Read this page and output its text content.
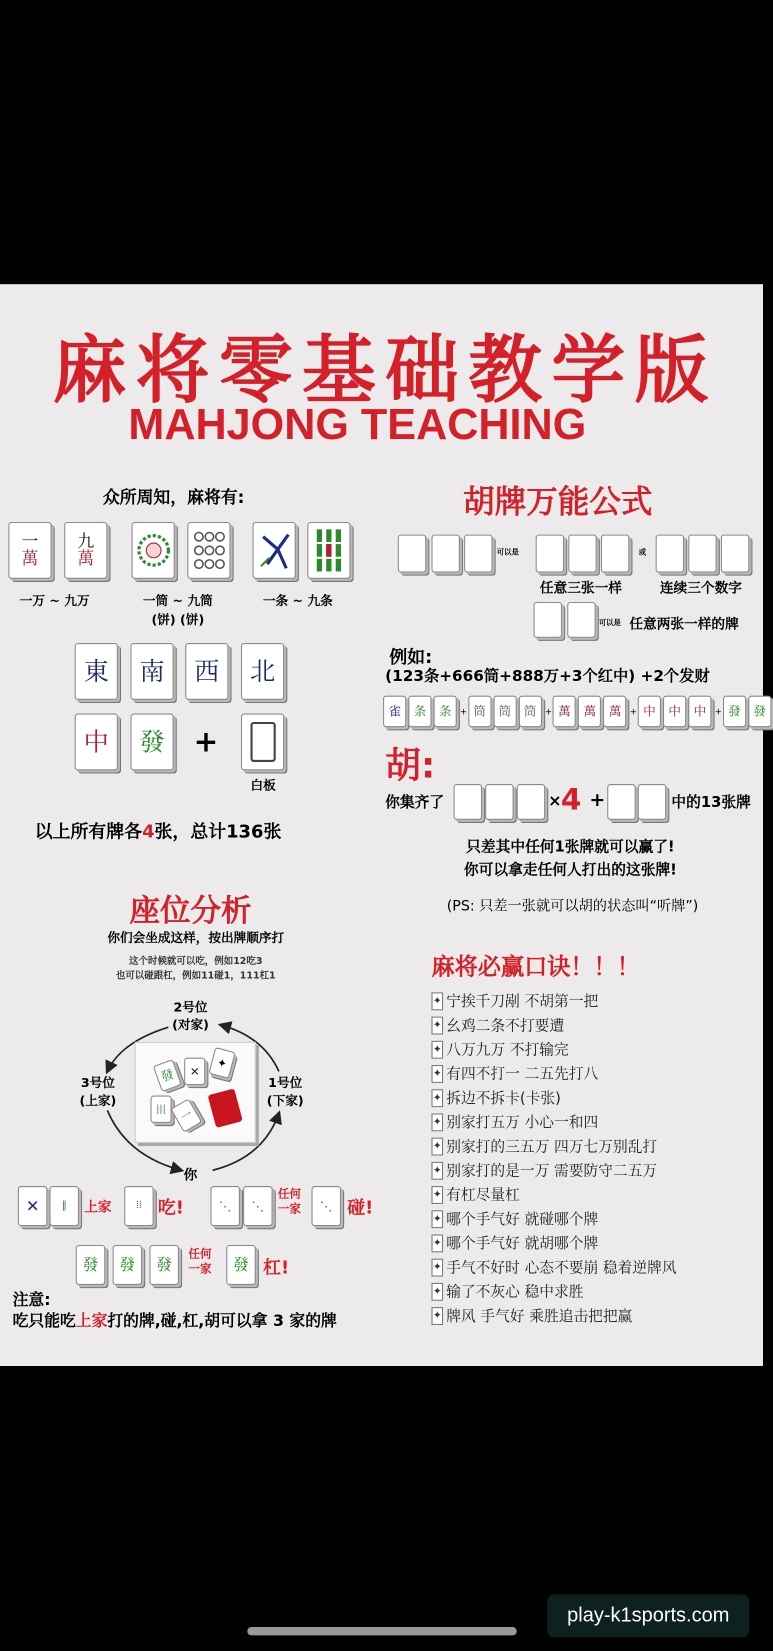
麻将零基础教学版
MAHJONG TEACHING
众所周知，麻将有:
一
萬
九
萬
一万 ~ 九万	一筒 ~ 九筒
(饼) (饼)
一条 ~ 九条
東	南	西	北
中	發	+
白板
以上所有牌各4张，总计136张
座位分析
你们会坐成这样，按出牌顺序打
这个时候就可以吃，例如12吃3
也可以碰跟杠，例如11碰1，111杠1
2号位
(对家)
3号位
(上家)
1号位
(下家)
你
發	✕
✦
|||	一
✕	‖	上家	⁞⁞ 吃!	⋱	⋱
任何
一家	⋱ 碰!
發	發	發
任何
一家	發 杠!
注意:
吃只能吃上家打的牌,碰,杠,胡可以拿 3 家的牌
胡牌万能公式
可以是	或
任意三张一样	连续三个数字
可以是 任意两张一样的牌
例如:
(123条+666筒+888万+3个红中) +2个发财
雀	条	条	+ 筒	筒	筒	+ 萬	萬	萬	+ 中	中	中	+ 發	發
胡:
你集齐了	× 4 +	中的13张牌
只差其中任何1张牌就可以赢了!
你可以拿走任何人打出的这张牌!
(PS: 只差一张就可以胡的状态叫“听牌”)
麻将必赢口诀！！！
✦ 宁挨千刀剐 不胡第一把
✦ 幺鸡二条不打要遭
✦ 八万九万 不打输完
✦ 有四不打一 二五先打八
✦ 拆边不拆卡(卡张)
✦ 别家打五万 小心一和四
✦ 别家打的三五万 四万七万别乱打
✦ 别家打的是一万 需要防守二五万
✦ 有杠尽量杠
✦ 哪个手气好 就碰哪个牌
✦ 哪个手气好 就胡哪个牌
✦ 手气不好时 心态不要崩 稳着逆牌风
✦ 输了不灰心 稳中求胜
✦ 牌风 手气好 乘胜追击把把赢
play-k1sports.com
